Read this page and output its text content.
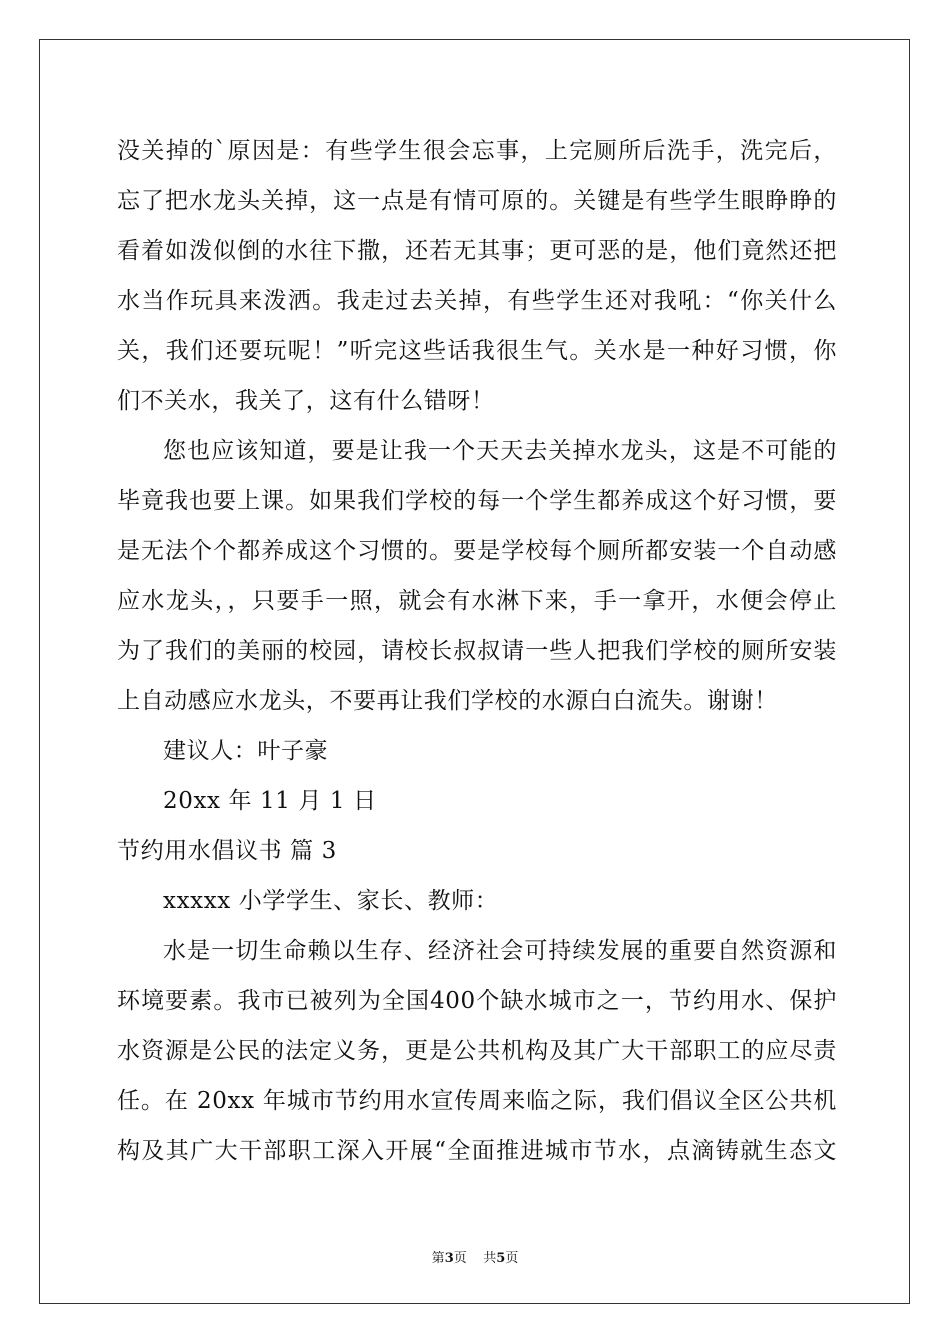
没关掉的`原因是：有些学生很会忘事，上完厕所后洗手，洗完后，
忘了把水龙头关掉，这一点是有情可原的。关键是有些学生眼睁睁的
看着如泼似倒的水往下撒，还若无其事；更可恶的是，他们竟然还把
水当作玩具来泼洒。我走过去关掉，有些学生还对我吼：“你关什么
关，我们还要玩呢！”听完这些话我很生气。关水是一种好习惯，你
们不关水，我关了，这有什么错呀！
您也应该知道，要是让我一个天天去关掉水龙头，这是不可能的
毕竟我也要上课。如果我们学校的每一个学生都养成这个好习惯，要
是无法个个都养成这个习惯的。要是学校每个厕所都安装一个自动感
应水龙头，，只要手一照，就会有水淋下来，手一拿开，水便会停止
为了我们的美丽的校园，请校长叔叔请一些人把我们学校的厕所安装
上自动感应水龙头，不要再让我们学校的水源白白流失。谢谢！
建议人：叶子豪
20xx 年 11 月 1 日
节约用水倡议书 篇 3
xxxxx 小学学生、家长、教师：
水是一切生命赖以生存、经济社会可持续发展的重要自然资源和
环境要素。我市已被列为全国400个缺水城市之一，节约用水、保护
水资源是公民的法定义务，更是公共机构及其广大干部职工的应尽责
任。在 20xx 年城市节约用水宣传周来临之际，我们倡议全区公共机
构及其广大干部职工深入开展“全面推进城市节水，点滴铸就生态文
第3页    共5页
